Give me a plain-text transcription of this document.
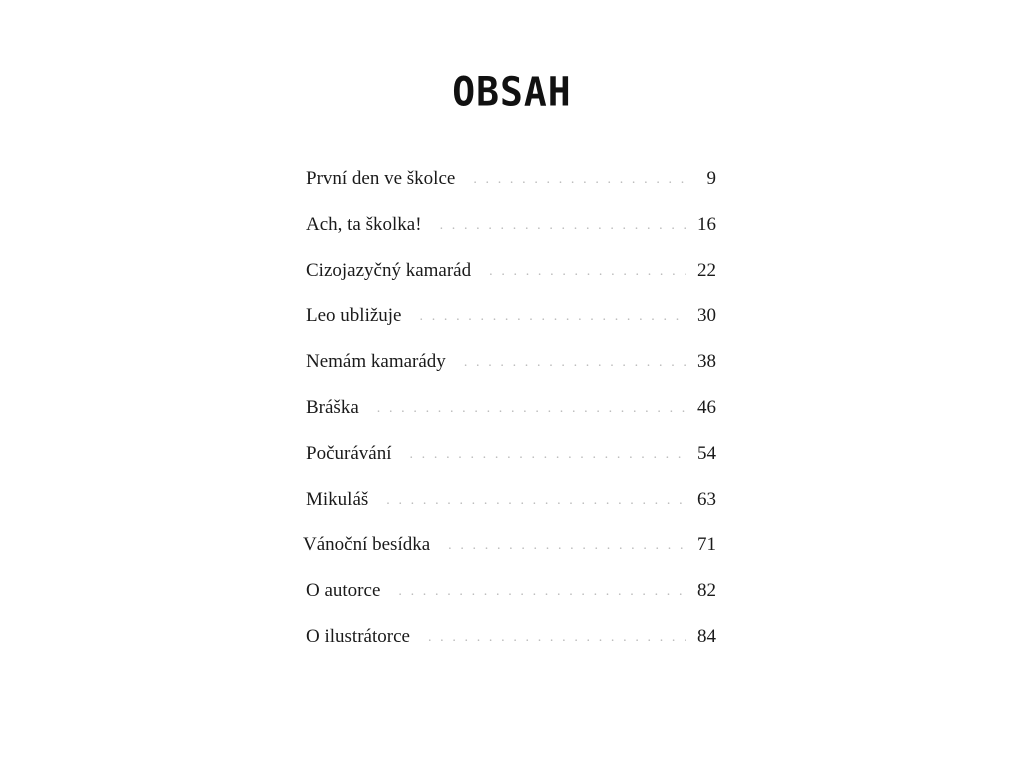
OBSAH
První den ve školce . . .	9
Ach, ta školka! . . .	16
Cizojazyčný kamarád . . .	22
Leo ubližuje . . .	30
Nemám kamarády . . .	38
Bráška . . .	46
Počurávání . . .	54
Mikuláš . . .	63
Vánoční besídka . . .	71
O autorce . . .	82
O ilustrátorce . . .	84
